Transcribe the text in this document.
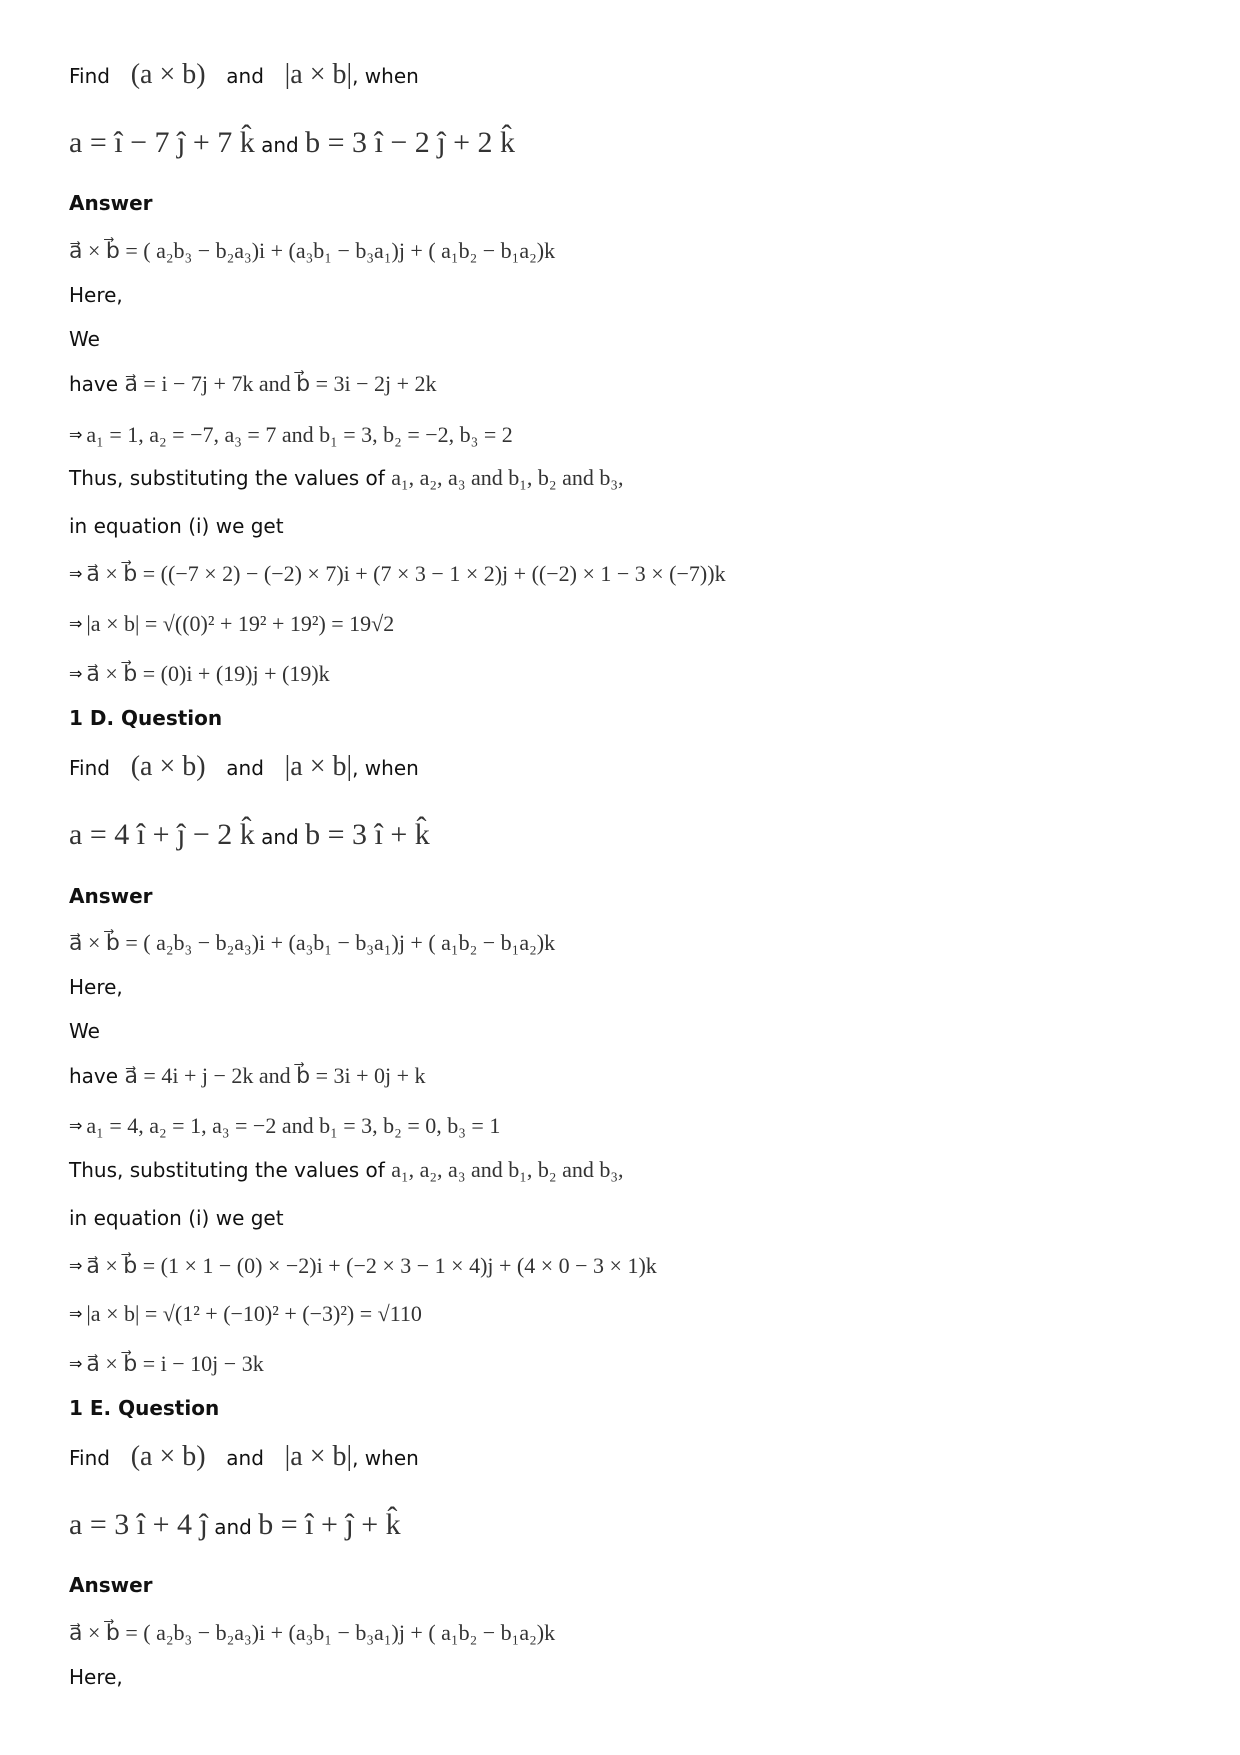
Find (a × b) and |a × b|, when
a = î − 7 ĵ + 7 k̂ and b = 3 î − 2 ĵ + 2 k̂
Answer
a⃗ × b⃗ = ( a₂b₃ − b₂a₃)i + (a₃b₁ − b₃a₁)j + ( a₁b₂ − b₁a₂)k
Here,
We
have a⃗ = i − 7j + 7k and b⃗ = 3i − 2j + 2k
⇒ a₁ = 1, a₂ = −7, a₃ = 7 and b₁ = 3, b₂ = −2, b₃ = 2
Thus, substituting the values of a₁, a₂, a₃ and b₁, b₂ and b₃,
in equation (i) we get
⇒ a⃗ × b⃗ = ((−7 × 2) − (−2) × 7)i + (7 × 3 − 1 × 2)j + ((−2) × 1 − 3 × (−7))k
⇒ |a × b| = √((0)² + 19² + 19²) = 19√2
⇒ a⃗ × b⃗ = (0)i + (19)j + (19)k
1 D. Question
Find (a × b) and |a × b|, when
a = 4 î + ĵ − 2 k̂ and b = 3 î + k̂
Answer
a⃗ × b⃗ = ( a₂b₃ − b₂a₃)i + (a₃b₁ − b₃a₁)j + ( a₁b₂ − b₁a₂)k
Here,
We
have a⃗ = 4i + j − 2k and b⃗ = 3i + 0j + k
⇒ a₁ = 4, a₂ = 1, a₃ = −2 and b₁ = 3, b₂ = 0, b₃ = 1
Thus, substituting the values of a₁, a₂, a₃ and b₁, b₂ and b₃,
in equation (i) we get
⇒ a⃗ × b⃗ = (1 × 1 − (0) × −2)i + (−2 × 3 − 1 × 4)j + (4 × 0 − 3 × 1)k
⇒ |a × b| = √(1² + (−10)² + (−3)²) = √110
⇒ a⃗ × b⃗ = i − 10j − 3k
1 E. Question
Find (a × b) and |a × b|, when
a = 3 î + 4 ĵ and b = î + ĵ + k̂
Answer
a⃗ × b⃗ = ( a₂b₃ − b₂a₃)i + (a₃b₁ − b₃a₁)j + ( a₁b₂ − b₁a₂)k
Here,
